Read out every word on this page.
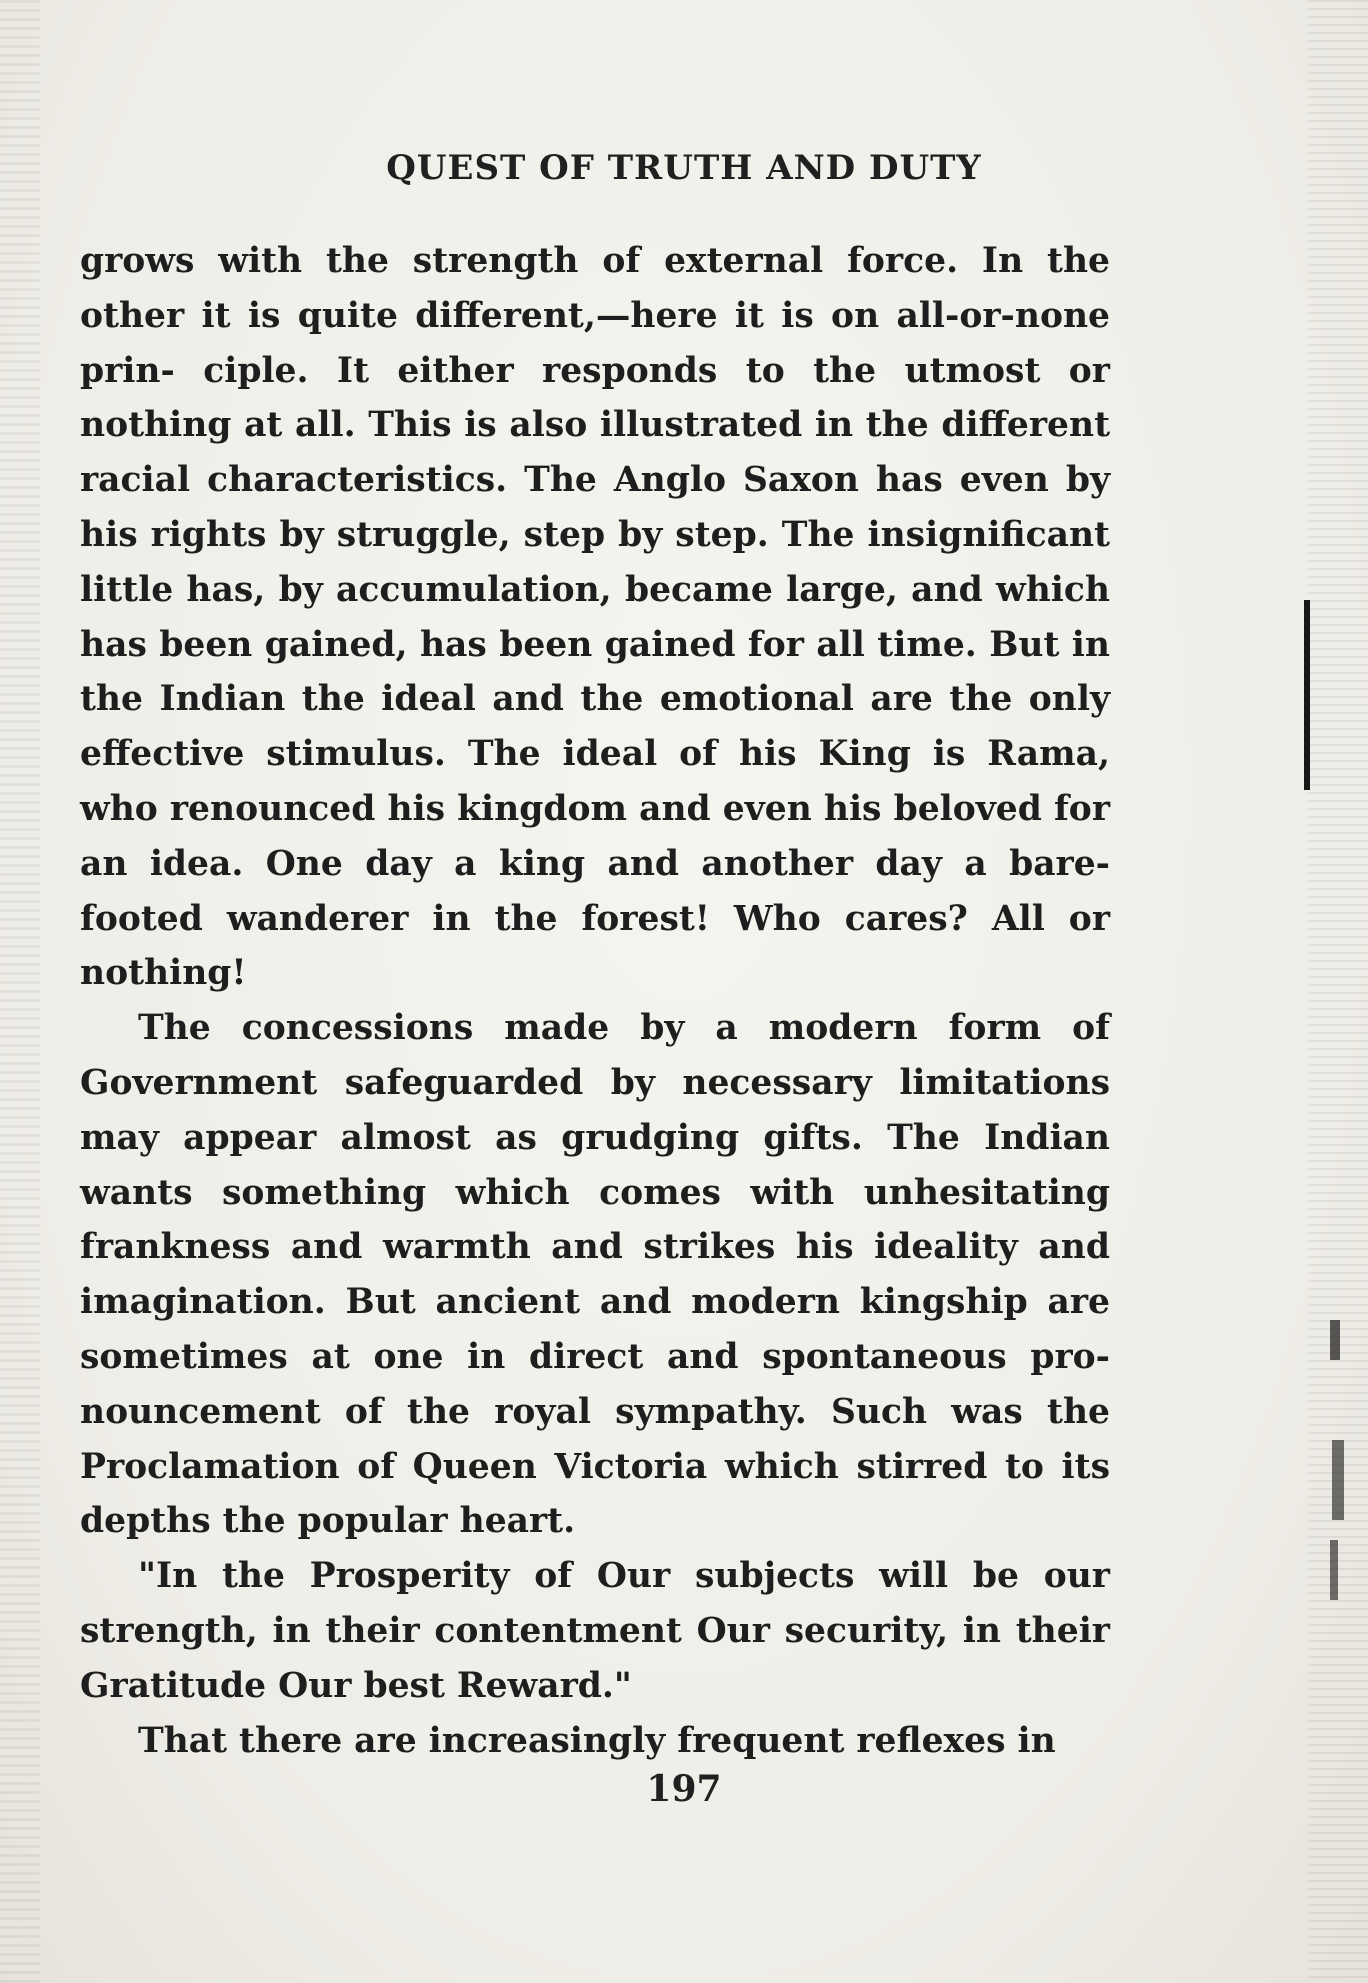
QUEST OF TRUTH AND DUTY

grows with the strength of external force. In the other it is quite different,—here it is on all-or-none prin- ciple. It either responds to the utmost or nothing at all. This is also illustrated in the different racial characteristics. The Anglo Saxon has even by his rights by struggle, step by step. The insignificant little has, by accumulation, became large, and which has been gained, has been gained for all time. But in the Indian the ideal and the emotional are the only effective stimulus. The ideal of his King is Rama, who renounced his kingdom and even his beloved for an idea. One day a king and another day a bare-footed wanderer in the forest! Who cares? All or nothing!

The concessions made by a modern form of Government safeguarded by necessary limitations may appear almost as grudging gifts. The Indian wants something which comes with unhesitating frankness and warmth and strikes his ideality and imagination. But ancient and modern kingship are sometimes at one in direct and spontaneous pro- nouncement of the royal sympathy. Such was the Proclamation of Queen Victoria which stirred to its depths the popular heart.

"In the Prosperity of Our subjects will be our strength, in their contentment Our security, in their Gratitude Our best Reward."

That there are increasingly frequent reflexes in

197
